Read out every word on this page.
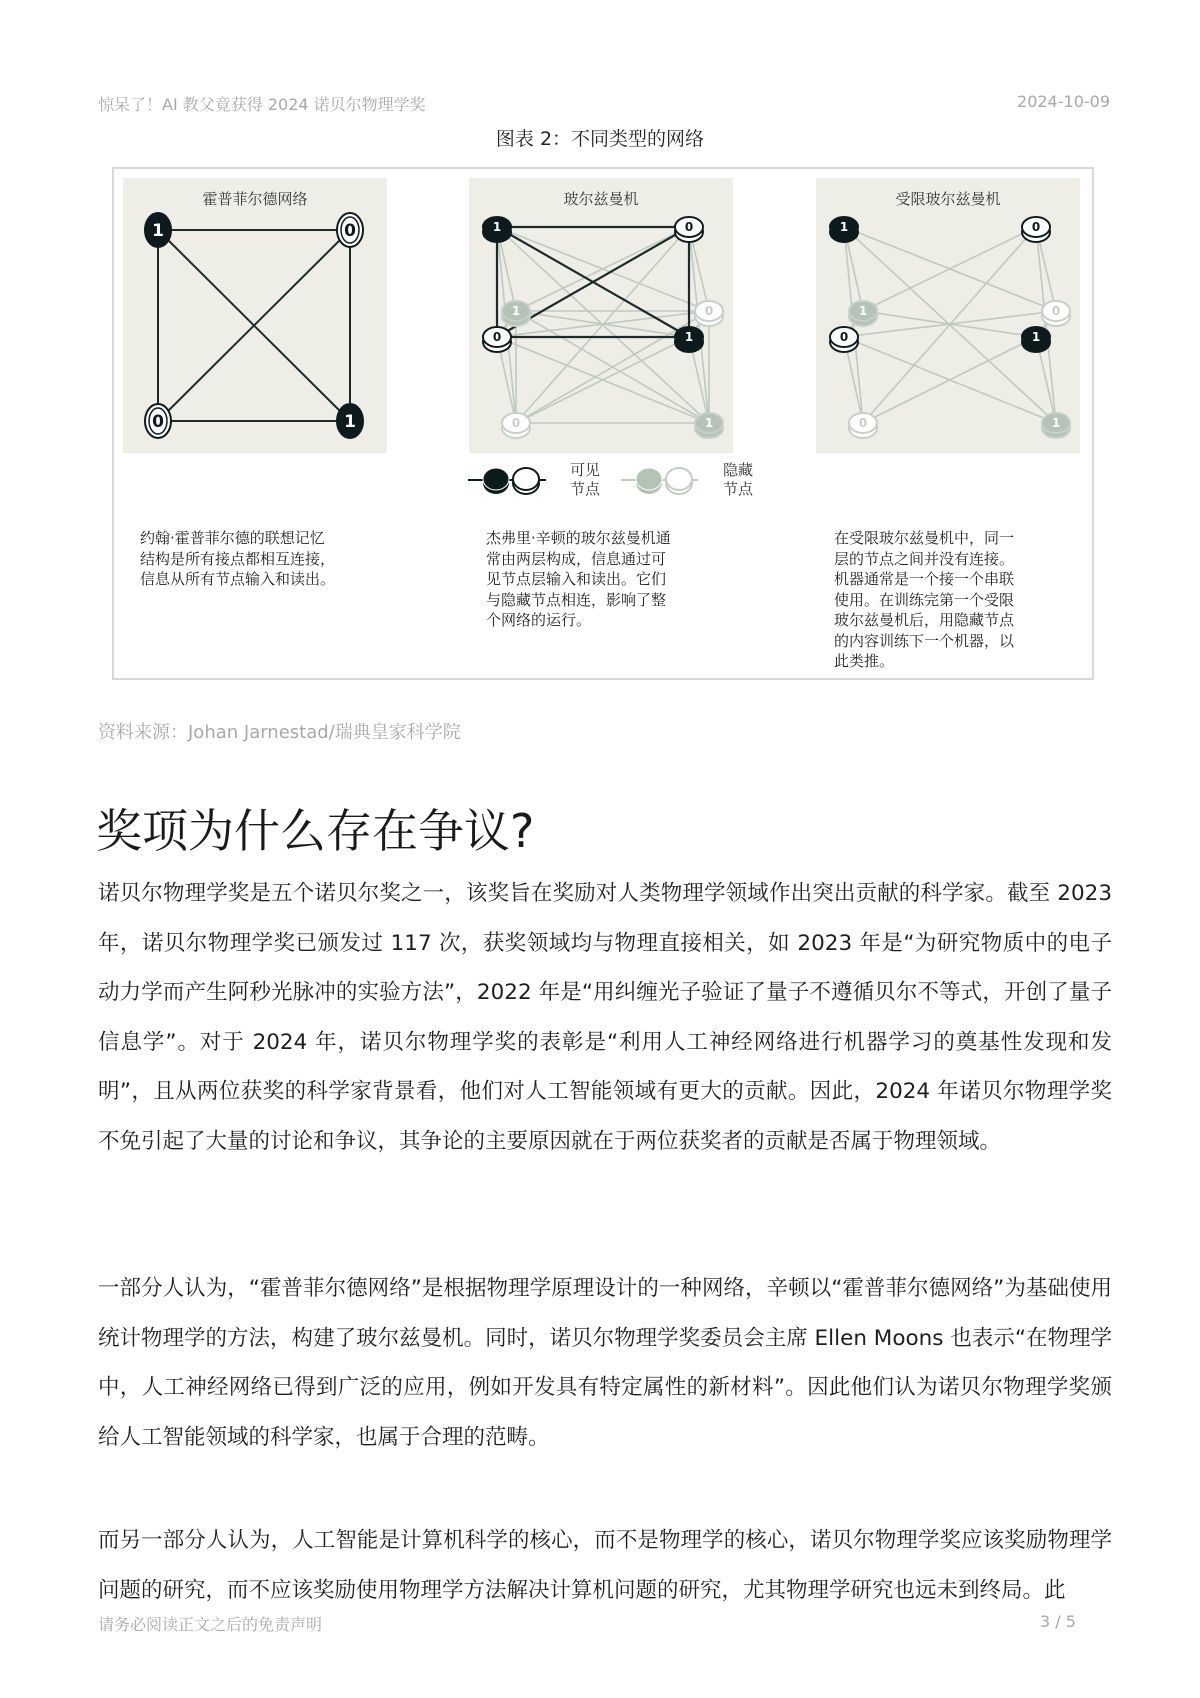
惊呆了！AI 教父竟获得 2024 诺贝尔物理学奖	2024-10-09
图表 2：不同类型的网络
1	0
0	1
霍普菲尔德网络
1	0
0	1
1	0
0	1
玻尔兹曼机
1	0
0	1
1	0
0	1
受限玻尔兹曼机
可见节点
隐藏节点
约翰·霍普菲尔德的联想记忆
结构是所有接点都相互连接，
信息从所有节点输入和读出。
杰弗里·辛顿的玻尔兹曼机通
常由两层构成，信息通过可
见节点层输入和读出。它们
与隐藏节点相连，影响了整
个网络的运行。
在受限玻尔兹曼机中，同一
层的节点之间并没有连接。
机器通常是一个接一个串联
使用。在训练完第一个受限
玻尔兹曼机后，用隐藏节点
的内容训练下一个机器，以
此类推。
资料来源：Johan Jarnestad/瑞典皇家科学院
奖项为什么存在争议?
诺贝尔物理学奖是五个诺贝尔奖之一，该奖旨在奖励对人类物理学领域作出突出贡献的科学家。截至 2023 年，诺贝尔物理学奖已颁发过 117 次，获奖领域均与物理直接相关，如 2023 年是“为研究物质中的电子动力学而产生阿秒光脉冲的实验方法”，2022 年是“用纠缠光子验证了量子不遵循贝尔不等式，开创了量子信息学”。对于 2024 年，诺贝尔物理学奖的表彰是“利用人工神经网络进行机器学习的奠基性发现和发明”，且从两位获奖的科学家背景看，他们对人工智能领域有更大的贡献。因此，2024 年诺贝尔物理学奖不免引起了大量的讨论和争议，其争论的主要原因就在于两位获奖者的贡献是否属于物理领域。
一部分人认为，“霍普菲尔德网络”是根据物理学原理设计的一种网络，辛顿以“霍普菲尔德网络”为基础使用统计物理学的方法，构建了玻尔兹曼机。同时，诺贝尔物理学奖委员会主席 Ellen Moons 也表示“在物理学中，人工神经网络已得到广泛的应用，例如开发具有特定属性的新材料”。因此他们认为诺贝尔物理学奖颁给人工智能领域的科学家，也属于合理的范畴。
而另一部分人认为，人工智能是计算机科学的核心，而不是物理学的核心，诺贝尔物理学奖应该奖励物理学问题的研究，而不应该奖励使用物理学方法解决计算机问题的研究，尤其物理学研究也远未到终局。此
请务必阅读正文之后的免责声明	3 / 5
